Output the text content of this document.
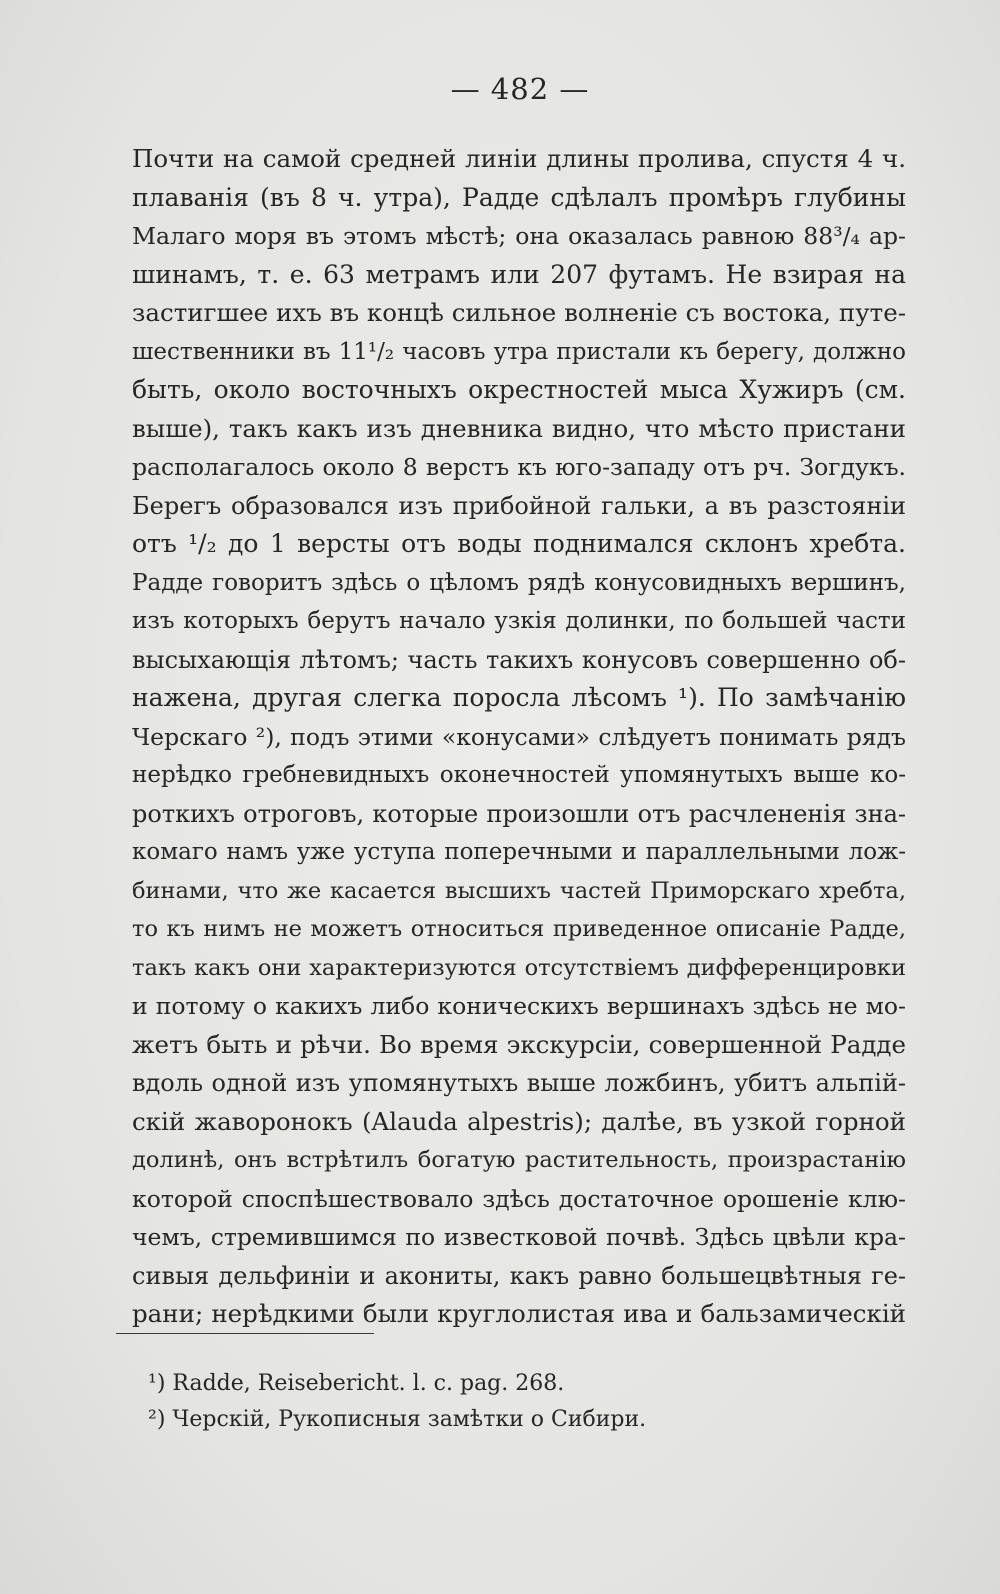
— 482 —
Почти на самой средней линіи длины пролива, спустя 4 ч.
плаванія (въ 8 ч. утра), Радде сдѣлалъ промѣръ глубины
Малаго моря въ этомъ мѣстѣ; она оказалась равною 88³/₄ ар-
шинамъ, т. е. 63 метрамъ или 207 футамъ. Не взирая на
застигшее ихъ въ концѣ сильное волненіе съ востока, путе-
шественники въ 11¹/₂ часовъ утра пристали къ берегу, должно
быть, около восточныхъ окрестностей мыса Хужиръ (см.
выше), такъ какъ изъ дневника видно, что мѣсто пристани
располагалось около 8 верстъ къ юго-западу отъ рч. Зогдукъ.
Берегъ образовался изъ прибойной гальки, а въ разстояніи
отъ ¹/₂ до 1 версты отъ воды поднимался склонъ хребта.
Радде говоритъ здѣсь о цѣломъ рядѣ конусовидныхъ вершинъ,
изъ которыхъ берутъ начало узкія долинки, по большей части
высыхающія лѣтомъ; часть такихъ конусовъ совершенно об-
нажена, другая слегка поросла лѣсомъ ¹). По замѣчанію
Черскаго ²), подъ этими «конусами» слѣдуетъ понимать рядъ
нерѣдко гребневидныхъ оконечностей упомянутыхъ выше ко-
роткихъ отроговъ, которые произошли отъ расчлененія зна-
комаго намъ уже уступа поперечными и параллельными лож-
бинами, что же касается высшихъ частей Приморскаго хребта,
то къ нимъ не можетъ относиться приведенное описаніе Радде,
такъ какъ они характеризуются отсутствіемъ дифференцировки
и потому о какихъ либо коническихъ вершинахъ здѣсь не мо-
жетъ быть и рѣчи. Во время экскурсіи, совершенной Радде
вдоль одной изъ упомянутыхъ выше ложбинъ, убитъ альпій-
скій жаворонокъ (Alauda alpestris); далѣе, въ узкой горной
долинѣ, онъ встрѣтилъ богатую растительность, произрастанію
которой споспѣшествовало здѣсь достаточное орошеніе клю-
чемъ, стремившимся по известковой почвѣ. Здѣсь цвѣли кра-
сивыя дельфиніи и акониты, какъ равно большецвѣтныя ге-
рани; нерѣдкими были круглолистая ива и бальзамическій
¹) Radde, Reisebericht. l. c. pag. 268.
²) Черскій, Рукописныя замѣтки о Сибири.
